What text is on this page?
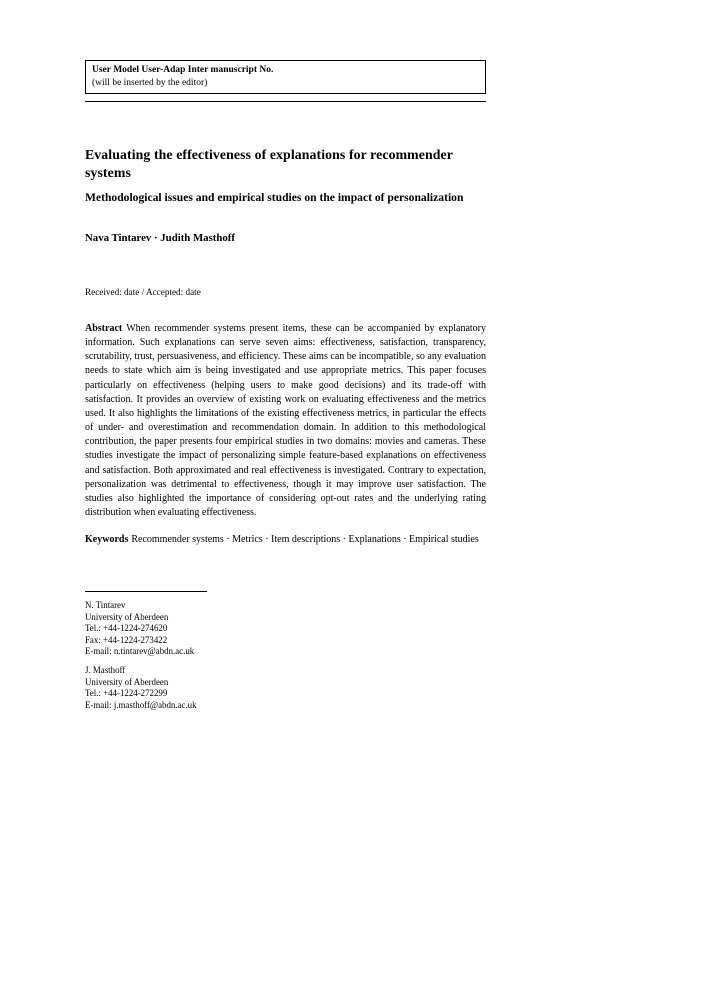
User Model User-Adap Inter manuscript No.
(will be inserted by the editor)
Evaluating the effectiveness of explanations for recommender systems
Methodological issues and empirical studies on the impact of personalization
Nava Tintarev · Judith Masthoff
Received: date / Accepted: date
Abstract When recommender systems present items, these can be accompanied by explanatory information. Such explanations can serve seven aims: effectiveness, satisfaction, transparency, scrutability, trust, persuasiveness, and efficiency. These aims can be incompatible, so any evaluation needs to state which aim is being investigated and use appropriate metrics. This paper focuses particularly on effectiveness (helping users to make good decisions) and its trade-off with satisfaction. It provides an overview of existing work on evaluating effectiveness and the metrics used. It also highlights the limitations of the existing effectiveness metrics, in particular the effects of under- and overestimation and recommendation domain. In addition to this methodological contribution, the paper presents four empirical studies in two domains: movies and cameras. These studies investigate the impact of personalizing simple feature-based explanations on effectiveness and satisfaction. Both approximated and real effectiveness is investigated. Contrary to expectation, personalization was detrimental to effectiveness, though it may improve user satisfaction. The studies also highlighted the importance of considering opt-out rates and the underlying rating distribution when evaluating effectiveness.
Keywords Recommender systems · Metrics · Item descriptions · Explanations · Empirical studies
N. Tintarev
University of Aberdeen
Tel.: +44-1224-274620
Fax: +44-1224-273422
E-mail: n.tintarev@abdn.ac.uk
J. Masthoff
University of Aberdeen
Tel.: +44-1224-272299
E-mail: j.masthoff@abdn.ac.uk
